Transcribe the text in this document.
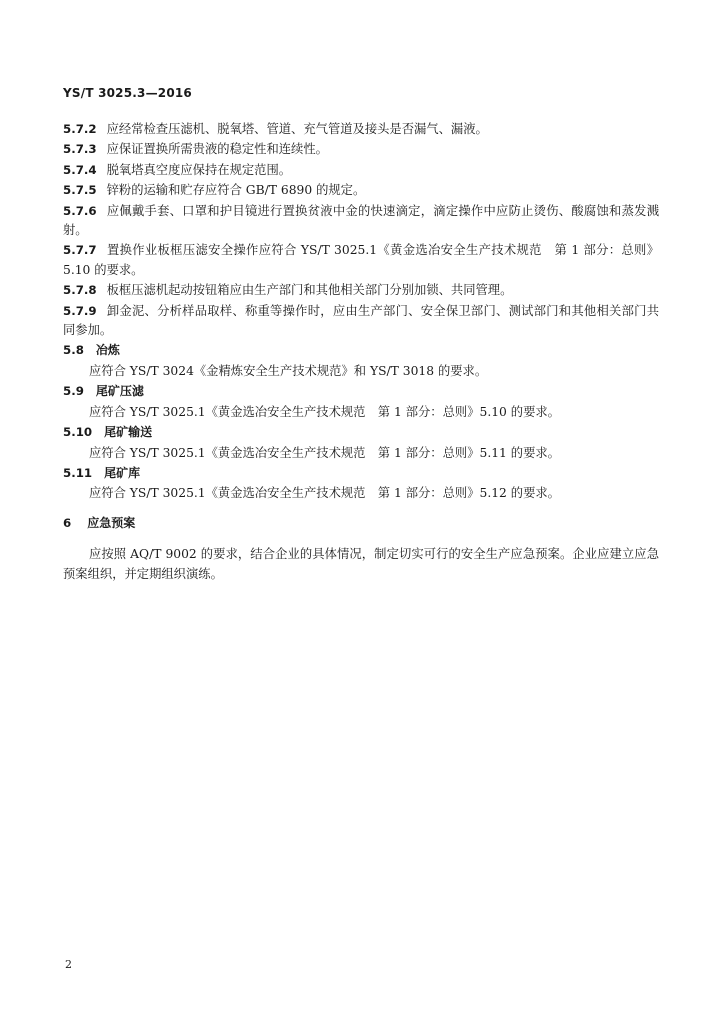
YS/T 3025.3—2016

5.7.2 应经常检查压滤机、脱氧塔、管道、充气管道及接头是否漏气、漏液。

5.7.3 应保证置换所需贵液的稳定性和连续性。

5.7.4 脱氧塔真空度应保持在规定范围。

5.7.5 锌粉的运输和贮存应符合 GB/T 6890 的规定。

5.7.6 应佩戴手套、口罩和护目镜进行置换贫液中金的快速滴定，滴定操作中应防止烫伤、酸腐蚀和蒸发溅射。

5.7.7 置换作业板框压滤安全操作应符合 YS/T 3025.1《黄金选冶安全生产技术规范　第 1 部分：总则》5.10 的要求。

5.7.8 板框压滤机起动按钮箱应由生产部门和其他相关部门分别加锁、共同管理。

5.7.9 卸金泥、分析样品取样、称重等操作时，应由生产部门、安全保卫部门、测试部门和其他相关部门共同参加。

5.8 冶炼

应符合 YS/T 3024《金精炼安全生产技术规范》和 YS/T 3018 的要求。

5.9 尾矿压滤

应符合 YS/T 3025.1《黄金选冶安全生产技术规范　第 1 部分：总则》5.10 的要求。

5.10 尾矿输送

应符合 YS/T 3025.1《黄金选冶安全生产技术规范　第 1 部分：总则》5.11 的要求。

5.11 尾矿库

应符合 YS/T 3025.1《黄金选冶安全生产技术规范　第 1 部分：总则》5.12 的要求。

6 应急预案

应按照 AQ/T 9002 的要求，结合企业的具体情况，制定切实可行的安全生产应急预案。企业应建立应急预案组织，并定期组织演练。

2
